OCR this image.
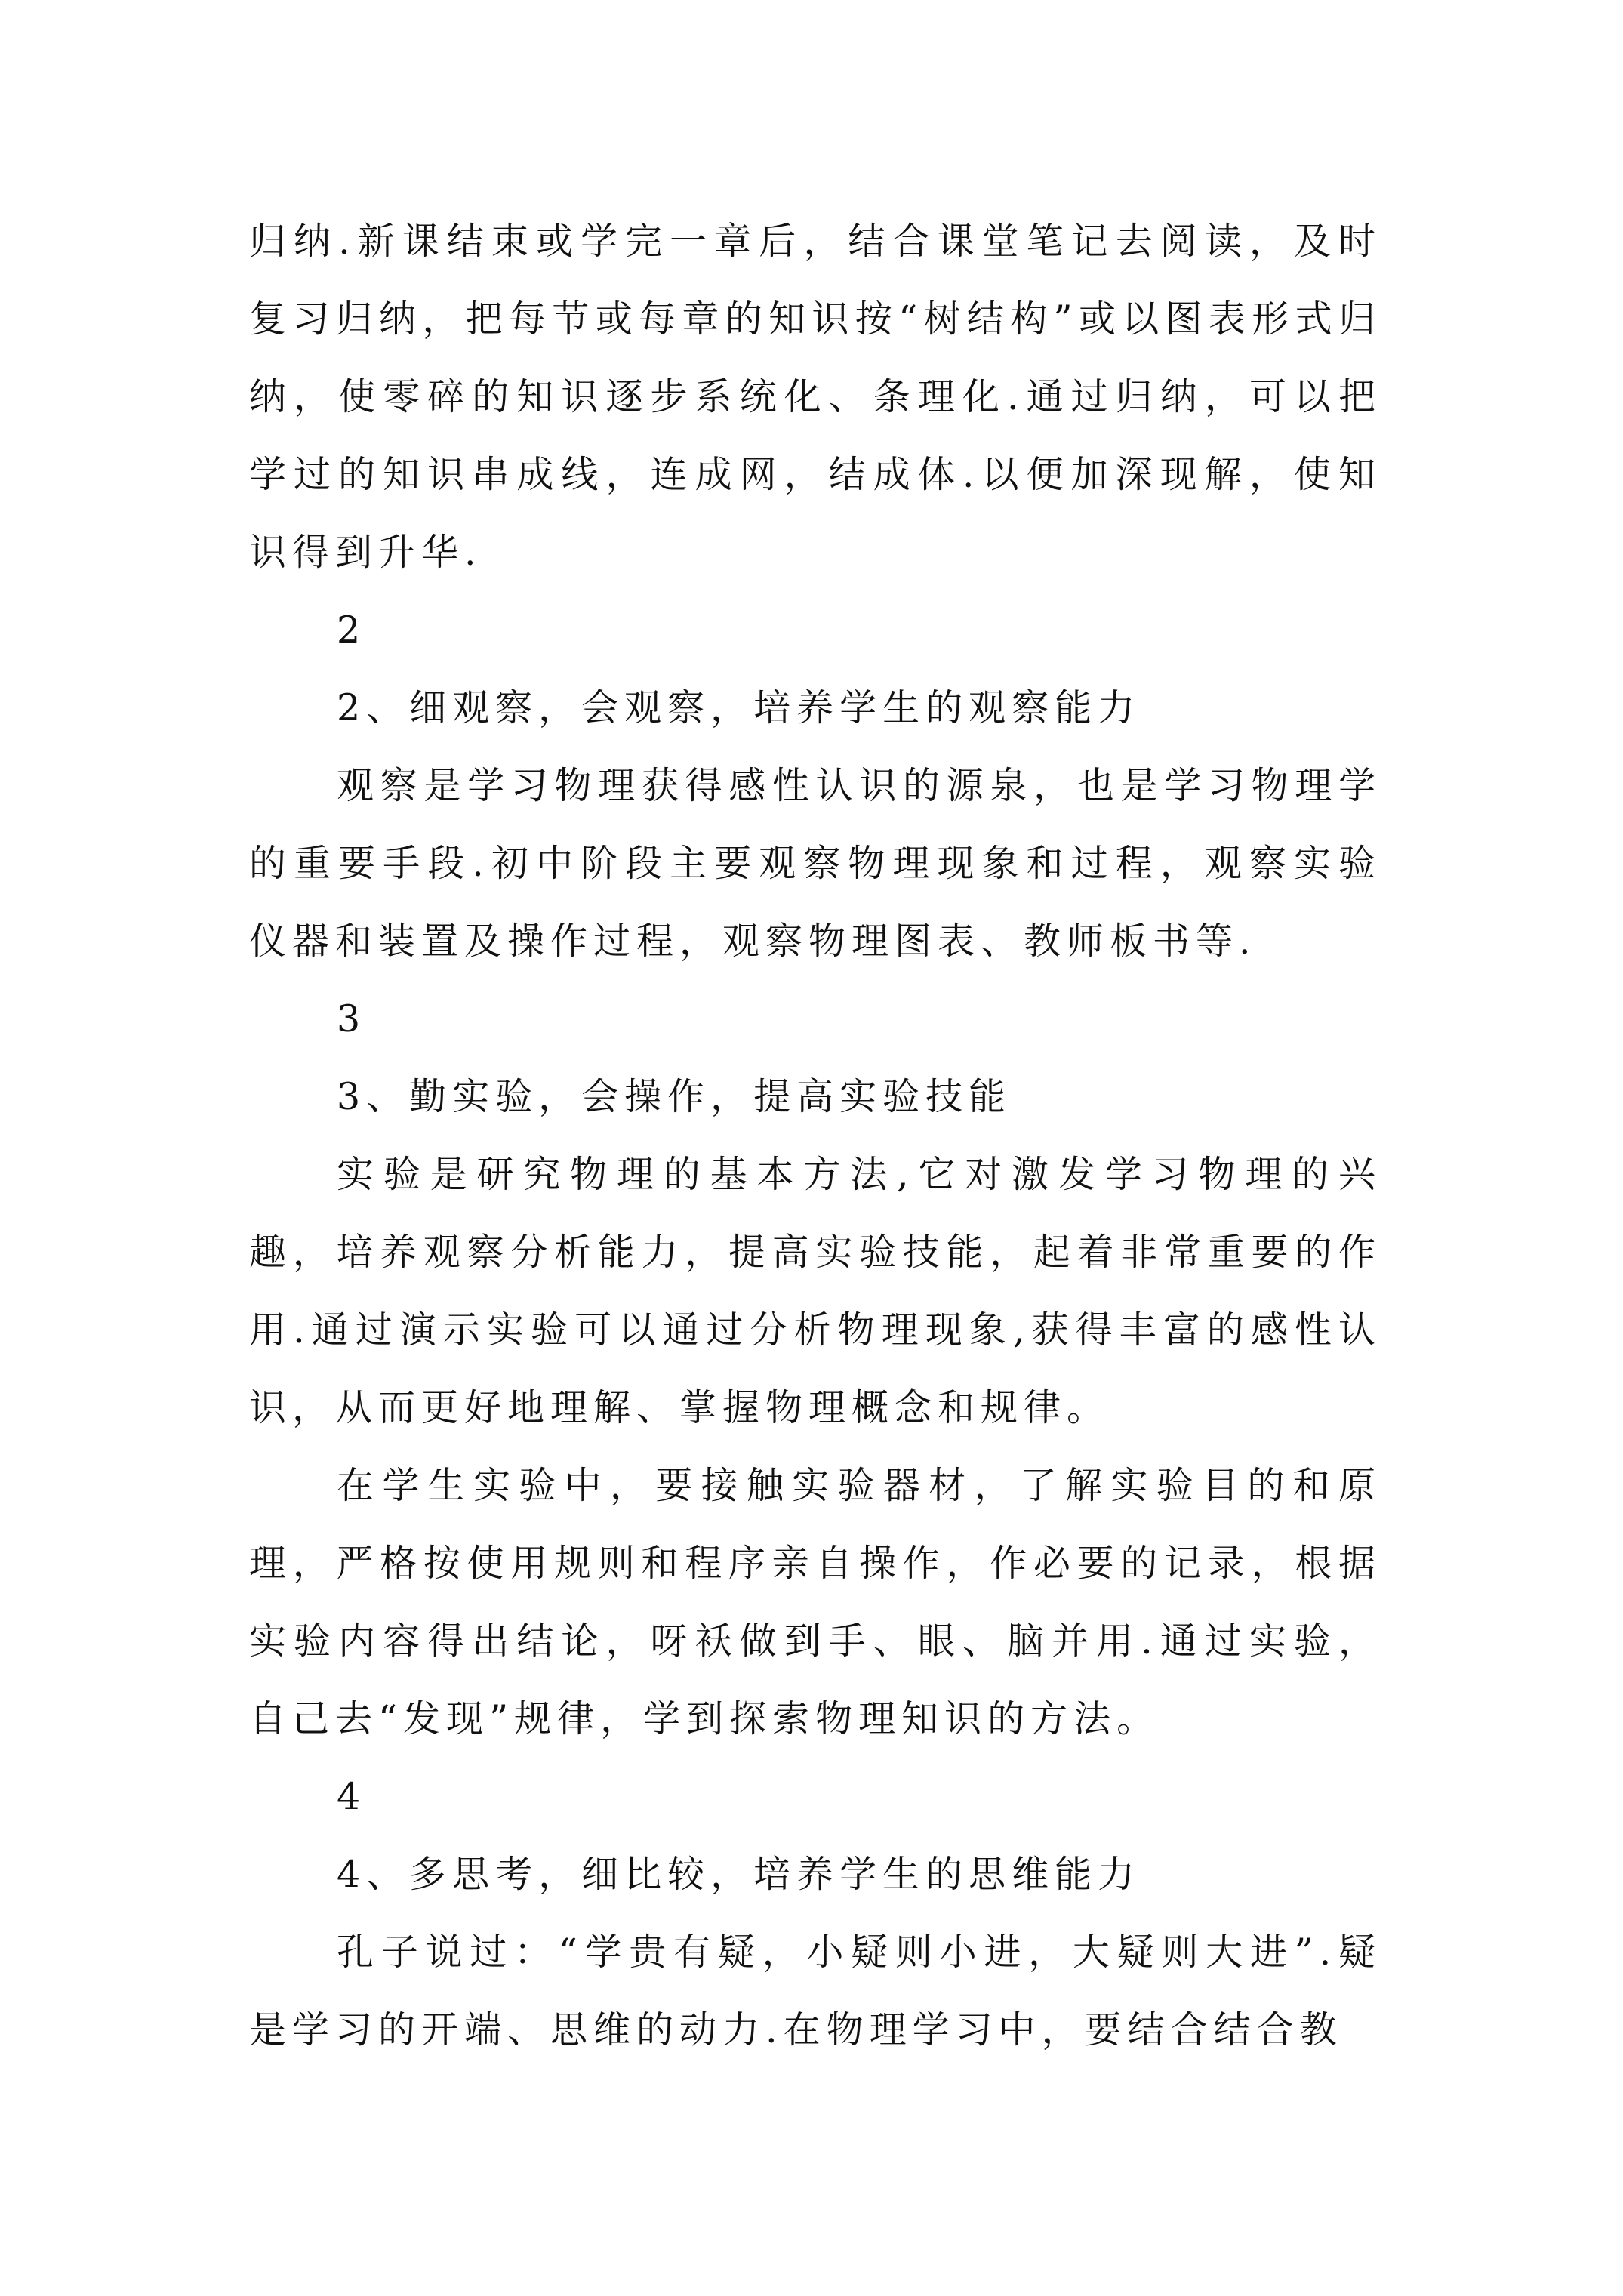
归纳.新课结束或学完一章后，结合课堂笔记去阅读，及时复习归纳，把每节或每章的知识按“树结构”或以图表形式归纳，使零碎的知识逐步系统化、条理化.通过归纳，可以把学过的知识串成线，连成网，结成体.以便加深现解，使知识得到升华.

2

2、细观察，会观察，培养学生的观察能力

观察是学习物理获得感性认识的源泉，也是学习物理学的重要手段.初中阶段主要观察物理现象和过程，观察实验仪器和装置及操作过程，观察物理图表、教师板书等.

3

3、勤实验，会操作，提高实验技能

实验是研究物理的基本方法,它对激发学习物理的兴趣，培养观察分析能力，提高实验技能，起着非常重要的作用.通过演示实验可以通过分析物理现象,获得丰富的感性认识，从而更好地理解、掌握物理概念和规律。

在学生实验中，要接触实验器材，了解实验目的和原理，严格按使用规则和程序亲自操作，作必要的记录，根据实验内容得出结论，呀袄做到手、眼、脑并用.通过实验，自己去“发现”规律，学到探索物理知识的方法。

4

4、多思考，细比较，培养学生的思维能力

孔子说过：“学贵有疑，小疑则小进，大疑则大进”.疑是学习的开端、思维的动力.在物理学习中，要结合结合教
